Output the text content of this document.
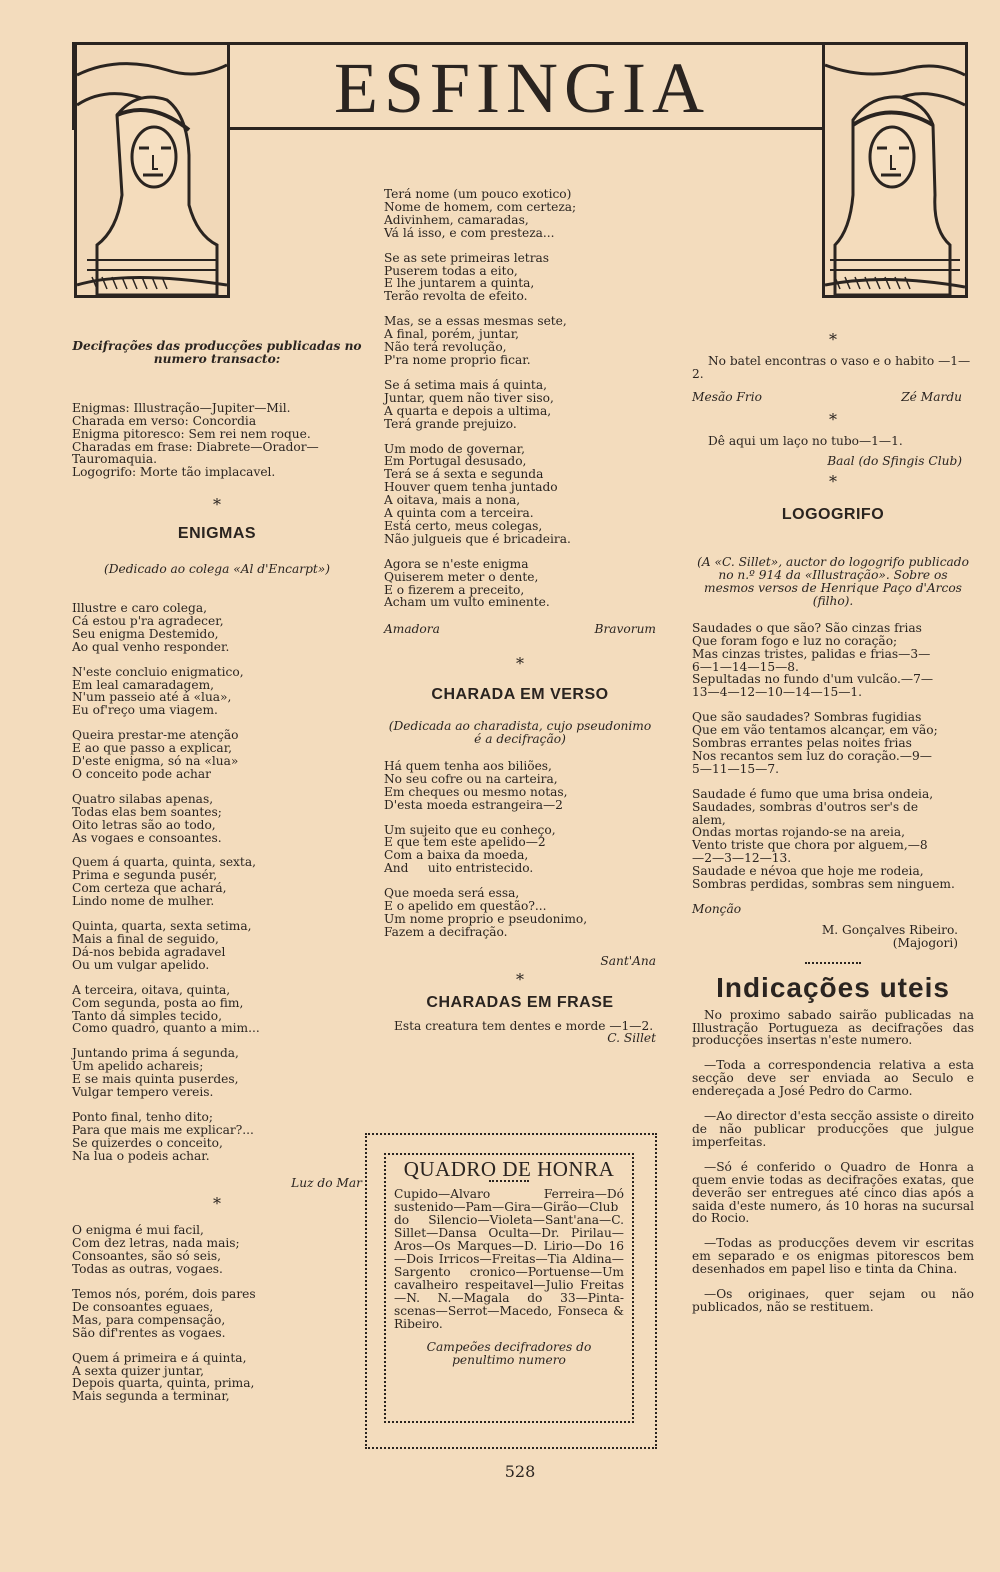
ESFINGIA
Decifrações das producções publicadas no numero transacto:
Enigmas: Illustração—Jupiter—Mil.
Charada em verso: Concordia
Enigma pitoresco: Sem rei nem roque.
Charadas em frase: Diabrete—Orador—Tauromaquia.
Logogrifo: Morte tão implacavel.
*
ENIGMAS
(Dedicado ao colega «Al d'Encarpt»)

Illustre e caro colega,
Cá estou p'ra agradecer,
Seu enigma Destemido,
Ao qual venho responder.

N'este concluio enigmatico,
Em leal camaradagem,
N'um passeio até á «lua»,
Eu of'reço uma viagem.

Queira prestar-me atenção
E ao que passo a explicar,
D'este enigma, só na «lua»
O conceito pode achar

Quatro silabas apenas,
Todas elas bem soantes;
Oito letras são ao todo,
As vogaes e consoantes.

Quem á quarta, quinta, sexta,
Prima e segunda pusér,
Com certeza que achará,
Lindo nome de mulher.

Quinta, quarta, sexta setima,
Mais a final de seguido,
Dá-nos bebida agradavel
Ou um vulgar apelido.

A terceira, oitava, quinta,
Com segunda, posta ao fim,
Tanto dá simples tecido,
Como quadro, quanto a mim...

Juntando prima á segunda,
Um apelido achareis;
E se mais quinta puserdes,
Vulgar tempero vereis.

Ponto final, tenho dito;
Para que mais me explicar?...
Se quizerdes o conceito,
Na lua o podeis achar.

Luz do Mar
*

O enigma é mui facil,
Com dez letras, nada mais;
Consoantes, são só seis,
Todas as outras, vogaes.

Temos nós, porém, dois pares
De consoantes eguaes,
Mas, para compensação,
São dif'rentes as vogaes.

Quem á primeira e á quinta,
A sexta quizer juntar,
Depois quarta, quinta, prima,
Mais segunda a terminar,

Terá nome (um pouco exotico)
Nome de homem, com certeza;
Adivinhem, camaradas,
Vá lá isso, e com presteza...

Se as sete primeiras letras
Puserem todas a eito,
E lhe juntarem a quinta,
Terão revolta de efeito.

Mas, se a essas mesmas sete,
A final, porém, juntar,
Não terá revolução,
P'ra nome proprio ficar.

Se á setima mais á quinta,
Juntar, quem não tiver siso,
A quarta e depois a ultima,
Terá grande prejuizo.

Um modo de governar,
Em Portugal desusado,
Terá se á sexta e segunda
Houver quem tenha juntado
A oitava, mais a nona,
A quinta com a terceira.
Está certo, meus colegas,
Não julgueis que é bricadeira.

Agora se n'este enigma
Quiserem meter o dente,
E o fizerem a preceito,
Acham um vulto eminente.

Amadora	Bravorum
*
CHARADA EM VERSO
(Dedicada ao charadista, cujo pseudonimo é a decifração)

Há quem tenha aos biliões,
No seu cofre ou na carteira,
Em cheques ou mesmo notas,
D'esta moeda estrangeira—2

Um sujeito que eu conheço,
E que tem este apelido—2
Com a baixa da moeda,
And     uito entristecido.

Que moeda será essa,
E o apelido em questão?...
Um nome proprio e pseudonimo,
Fazem a decifração.

Sant'Ana
*
CHARADAS EM FRASE
Esta creatura tem dentes e morde —1—2.
C. Sillet
QUADRO DE HONRA
Cupido—Alvaro Ferreira—Dó sustenido—Pam—Gira—Girão—Club do Silencio—Violeta—Sant'ana—C. Sillet—Dansa Oculta—Dr. Pirilau—Aros—Os Marques—D. Lirio—Do 16—Dois Irricos—Freitas—Tia Aldina—Sargento cronico—Portuense—Um cavalheiro respeitavel—Julio Freitas—N. N.—Magala do 33—Pinta-scenas—Serrot—Macedo, Fonseca & Ribeiro.
Campeões decifradores do penultimo numero
*
No batel encontras o vaso e o habito —1—2.
Mesão Frio	Zé Mardu
*
Dê aqui um laço no tubo—1—1.
Baal (do Sfingis Club)
*
LOGOGRIFO
(A «C. Sillet», auctor do logogrifo publicado no n.º 914 da «Illustração». Sobre os mesmos versos de Henrique Paço d'Arcos (filho).

Saudades o que são? São cinzas frias
Que foram fogo e luz no coração;
Mas cinzas tristes, palidas e frias—3—
6—1—14—15—8.
Sepultadas no fundo d'um vulcão.—7—
13—4—12—10—14—15—1.

Que são saudades? Sombras fugidias
Que em vão tentamos alcançar, em vão;
Sombras errantes pelas noites frias
Nos recantos sem luz do coração.—9—
5—11—15—7.

Saudade é fumo que uma brisa ondeia,
Saudades, sombras d'outros ser's de
alem,
Ondas mortas rojando-se na areia,
Vento triste que chora por alguem,—8
—2—3—12—13.
Saudade e névoa que hoje me rodeia,
Sombras perdidas, sombras sem ninguem.

Monção
M. Gonçalves Ribeiro.
(Majogori)
Indicações uteis

No proximo sabado sairão publicadas na Illustração Portugueza as decifrações das producções insertas n'este numero.

—Toda a correspondencia relativa a esta secção deve ser enviada ao Seculo e endereçada a José Pedro do Carmo.

—Ao director d'esta secção assiste o direito de não publicar producções que julgue imperfeitas.

—Só é conferido o Quadro de Honra a quem envie todas as decifrações exatas, que deverão ser entregues até cinco dias após a saida d'este numero, ás 10 horas na sucursal do Rocio.

—Todas as producções devem vir escritas em separado e os enigmas pitorescos bem desenhados em papel liso e tinta da China.

—Os originaes, quer sejam ou não publicados, não se restituem.

528
